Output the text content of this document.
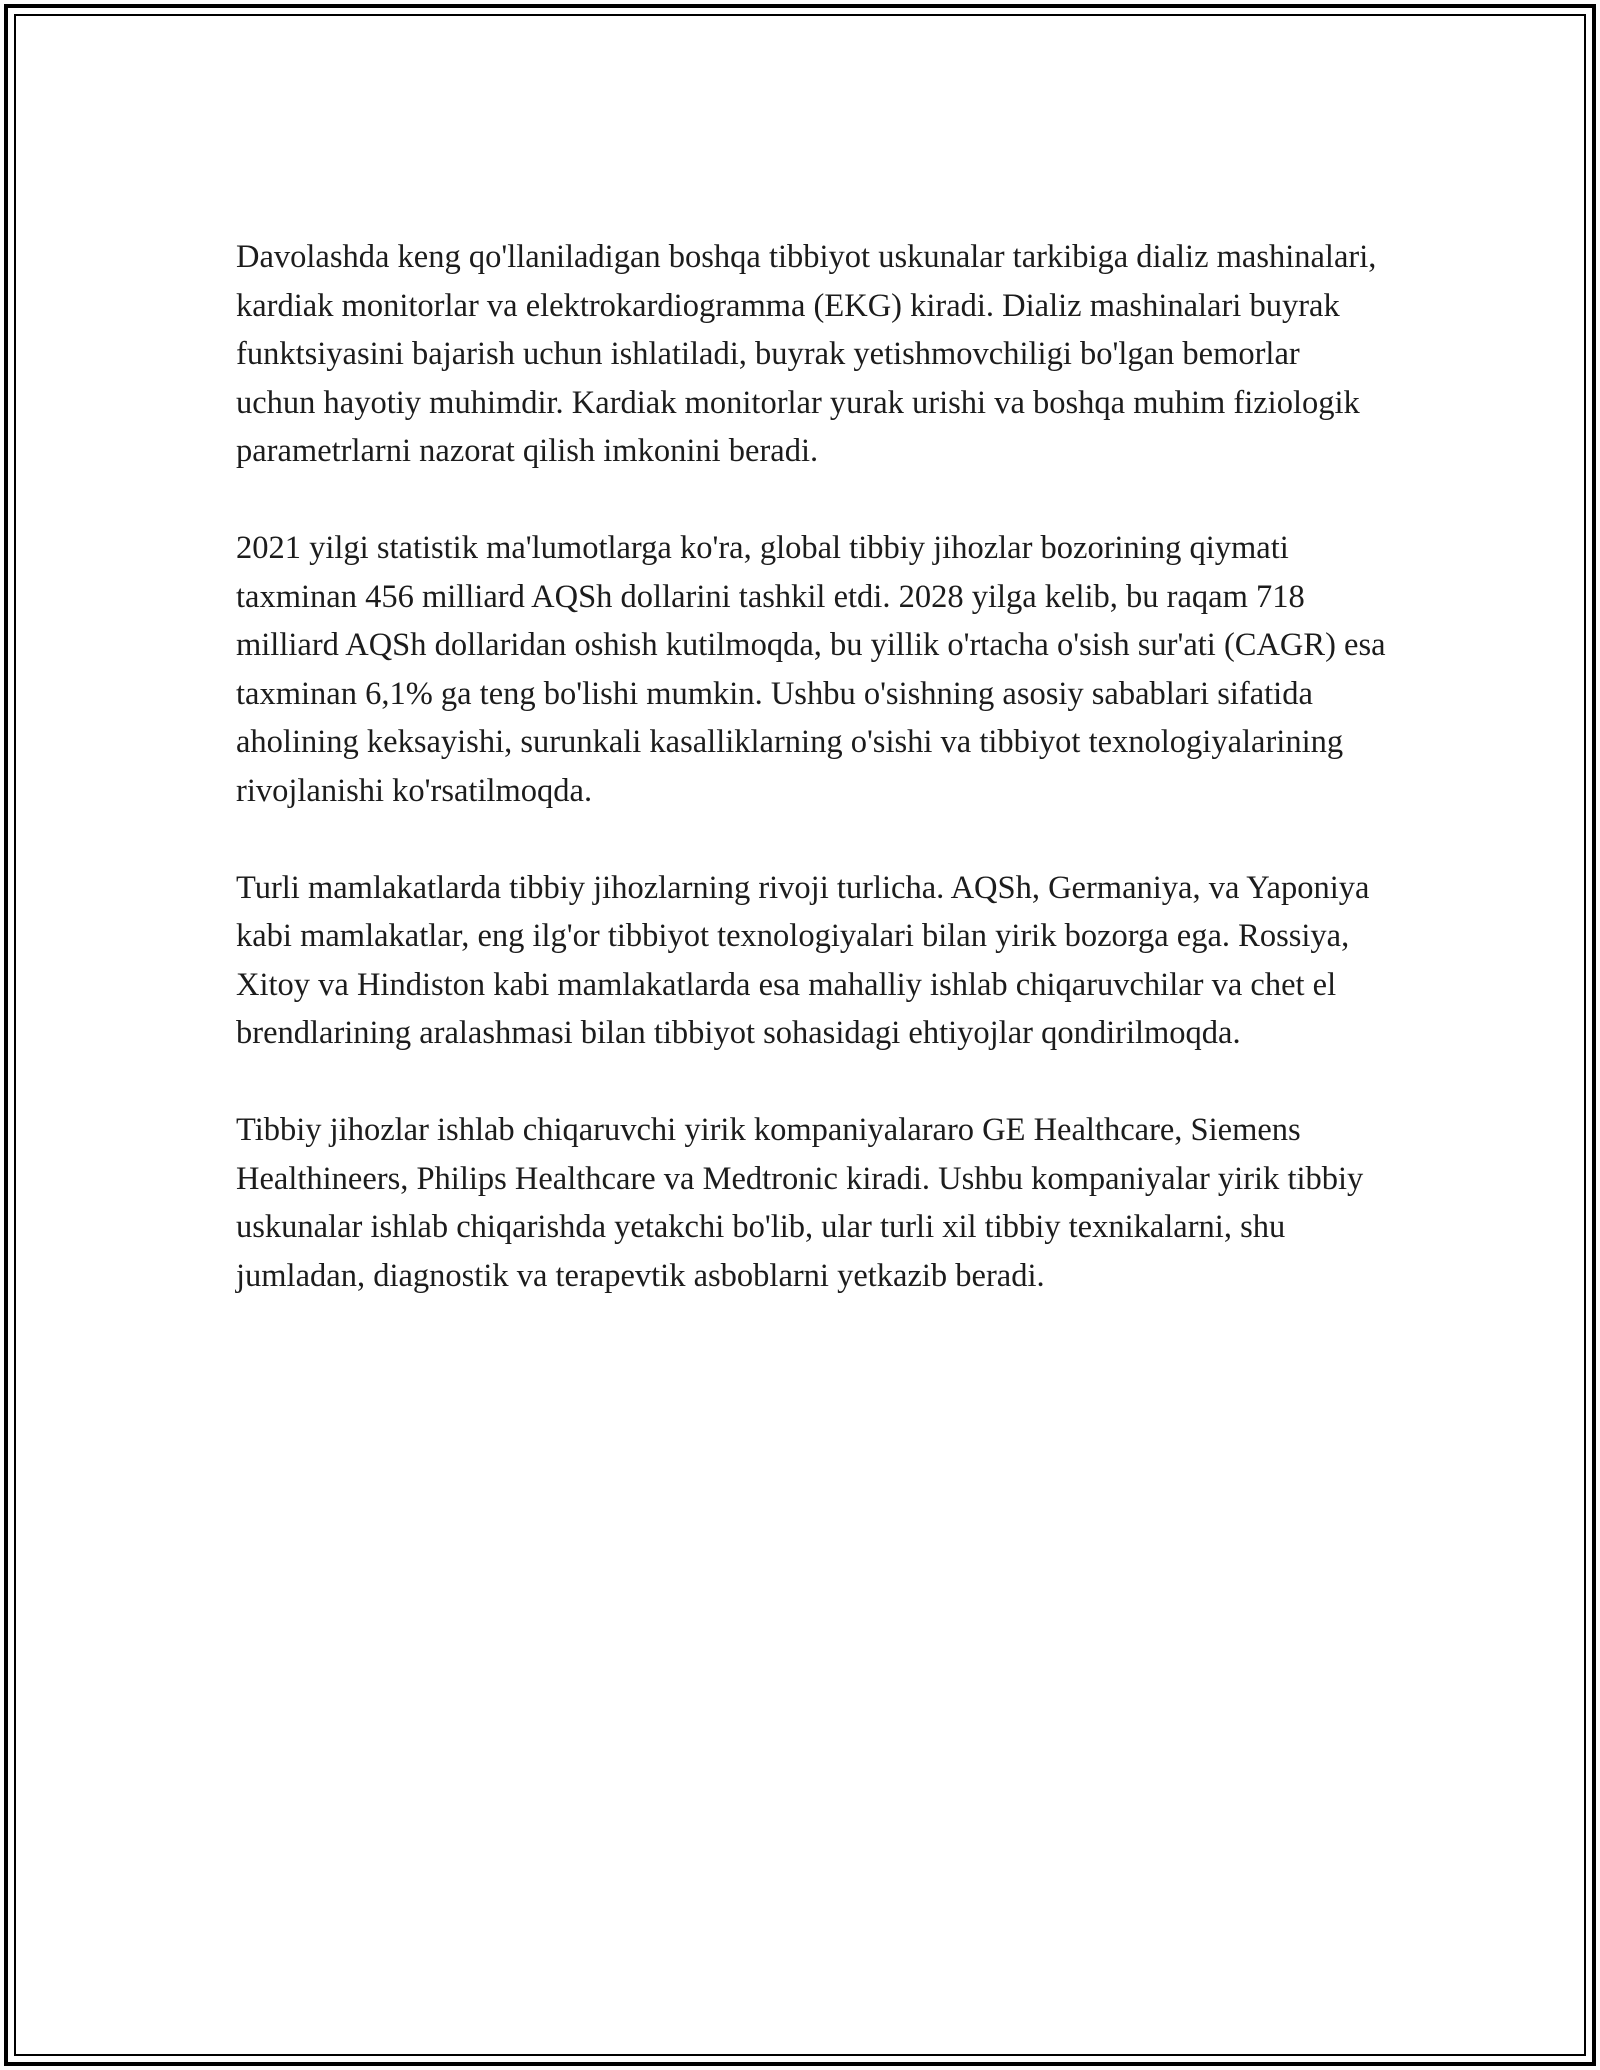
Davolashda keng qo'llaniladigan boshqa tibbiyot uskunalar tarkibiga dializ mashinalari, kardiak monitorlar va elektrokardiogramma (EKG) kiradi. Dializ mashinalari buyrak funktsiyasini bajarish uchun ishlatiladi, buyrak yetishmovchiligi bo'lgan bemorlar uchun hayotiy muhimdir. Kardiak monitorlar yurak urishi va boshqa muhim fiziologik parametrlarni nazorat qilish imkonini beradi.

2021 yilgi statistik ma'lumotlarga ko'ra, global tibbiy jihozlar bozorining qiymati taxminan 456 milliard AQSh dollarini tashkil etdi. 2028 yilga kelib, bu raqam 718 milliard AQSh dollaridan oshish kutilmoqda, bu yillik o'rtacha o'sish sur'ati (CAGR) esa taxminan 6,1% ga teng bo'lishi mumkin. Ushbu o'sishning asosiy sabablari sifatida aholining keksayishi, surunkali kasalliklarning o'sishi va tibbiyot texnologiyalarining rivojlanishi ko'rsatilmoqda.

Turli mamlakatlarda tibbiy jihozlarning rivoji turlicha. AQSh, Germaniya, va Yaponiya kabi mamlakatlar, eng ilg'or tibbiyot texnologiyalari bilan yirik bozorga ega. Rossiya, Xitoy va Hindiston kabi mamlakatlarda esa mahalliy ishlab chiqaruvchilar va chet el brendlarining aralashmasi bilan tibbiyot sohasidagi ehtiyojlar qondirilmoqda.

Tibbiy jihozlar ishlab chiqaruvchi yirik kompaniyalararo GE Healthcare, Siemens Healthineers, Philips Healthcare va Medtronic kiradi. Ushbu kompaniyalar yirik tibbiy uskunalar ishlab chiqarishda yetakchi bo'lib, ular turli xil tibbiy texnikalarni, shu jumladan, diagnostik va terapevtik asboblarni yetkazib beradi.
